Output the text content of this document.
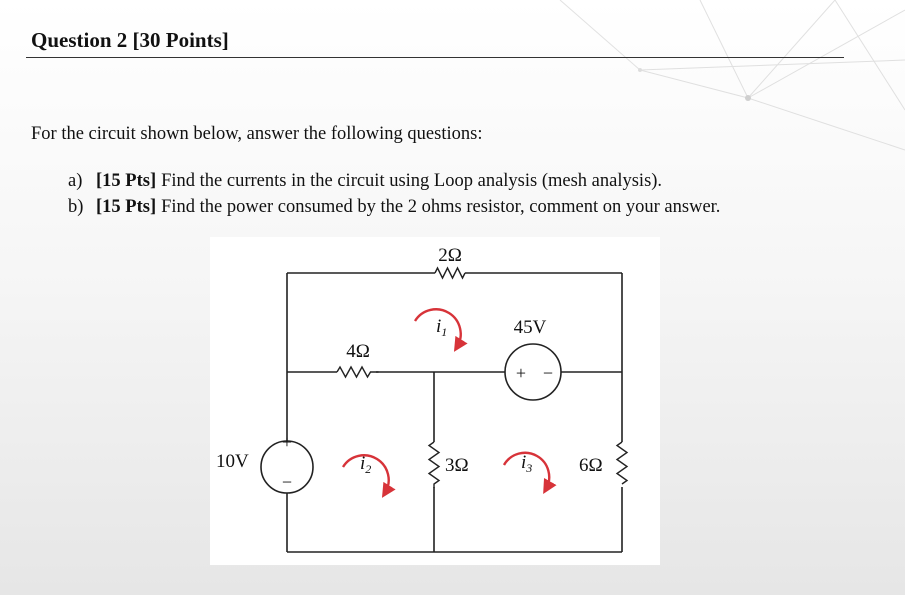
Question 2 [30 Points]

For the circuit shown below, answer the following questions:

a) [15 Pts] Find the currents in the circuit using Loop analysis (mesh analysis).
b) [15 Pts] Find the power consumed by the 2 ohms resistor, comment on your answer.
2Ω
4Ω
3Ω	6Ω
+
−
10V
+ −
45V
$i_1$
$i_2$	$i_3$
